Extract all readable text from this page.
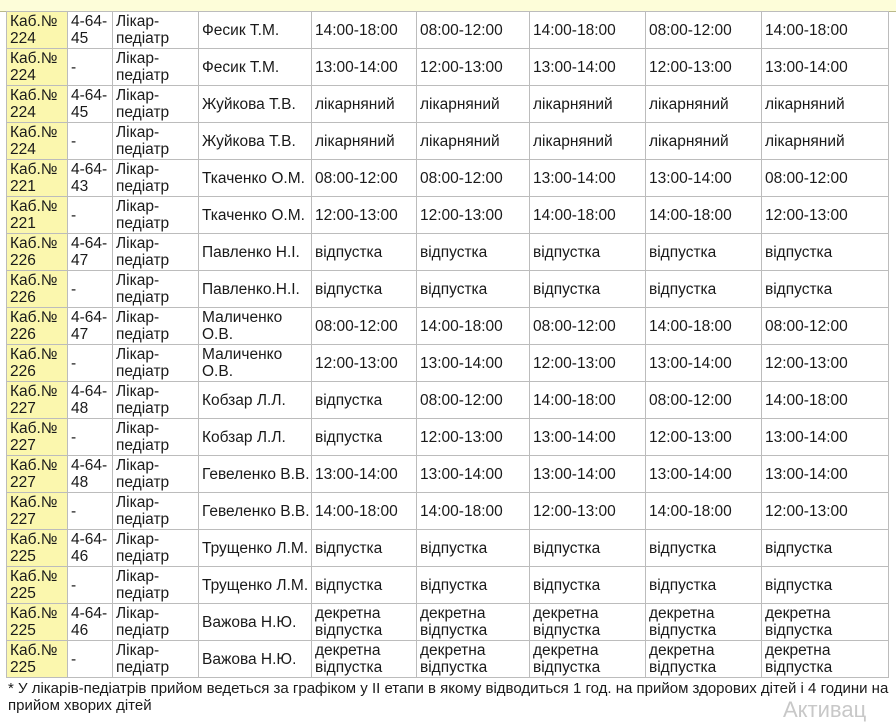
Каб.№ 224	4-64-45	Лікар-педіатр	Фесик Т.М.	14:00-18:00	08:00-12:00	14:00-18:00	08:00-12:00	14:00-18:00
Каб.№ 224	-	Лікар-педіатр	Фесик Т.М.	13:00-14:00	12:00-13:00	13:00-14:00	12:00-13:00	13:00-14:00
Каб.№ 224	4-64-45	Лікар-педіатр	Жуйкова Т.В.	лікарняний	лікарняний	лікарняний	лікарняний	лікарняний
Каб.№ 224	-	Лікар-педіатр	Жуйкова Т.В.	лікарняний	лікарняний	лікарняний	лікарняний	лікарняний
Каб.№ 221	4-64-43	Лікар-педіатр	Ткаченко О.М.	08:00-12:00	08:00-12:00	13:00-14:00	13:00-14:00	08:00-12:00
Каб.№ 221	-	Лікар-педіатр	Ткаченко О.М.	12:00-13:00	12:00-13:00	14:00-18:00	14:00-18:00	12:00-13:00
Каб.№ 226	4-64-47	Лікар-педіатр	Павленко Н.І.	відпустка	відпустка	відпустка	відпустка	відпустка
Каб.№ 226	-	Лікар-педіатр	Павленко.Н.І.	відпустка	відпустка	відпустка	відпустка	відпустка
Каб.№ 226	4-64-47	Лікар-педіатр	Маличенко О.В.	08:00-12:00	14:00-18:00	08:00-12:00	14:00-18:00	08:00-12:00
Каб.№ 226	-	Лікар-педіатр	Маличенко О.В.	12:00-13:00	13:00-14:00	12:00-13:00	13:00-14:00	12:00-13:00
Каб.№ 227	4-64-48	Лікар-педіатр	Кобзар Л.Л.	відпустка	08:00-12:00	14:00-18:00	08:00-12:00	14:00-18:00
Каб.№ 227	-	Лікар-педіатр	Кобзар Л.Л.	відпустка	12:00-13:00	13:00-14:00	12:00-13:00	13:00-14:00
Каб.№ 227	4-64-48	Лікар-педіатр	Гевеленко В.В.	13:00-14:00	13:00-14:00	13:00-14:00	13:00-14:00	13:00-14:00
Каб.№ 227	-	Лікар-педіатр	Гевеленко В.В.	14:00-18:00	14:00-18:00	12:00-13:00	14:00-18:00	12:00-13:00
Каб.№ 225	4-64-46	Лікар-педіатр	Трущенко Л.М.	відпустка	відпустка	відпустка	відпустка	відпустка
Каб.№ 225	-	Лікар-педіатр	Трущенко Л.М.	відпустка	відпустка	відпустка	відпустка	відпустка
Каб.№ 225	4-64-46	Лікар-педіатр	Важова Н.Ю.	декретна відпустка	декретна відпустка	декретна відпустка	декретна відпустка	декретна відпустка
Каб.№ 225	-	Лікар-педіатр	Важова Н.Ю.	декретна відпустка	декретна відпустка	декретна відпустка	декретна відпустка	декретна відпустка
* У лікарів-педіатрів прийом ведеться за графіком у ІІ етапи в якому відводиться 1 год. на прийом здорових дітей і 4 години на прийом хворих дітей	Активац
